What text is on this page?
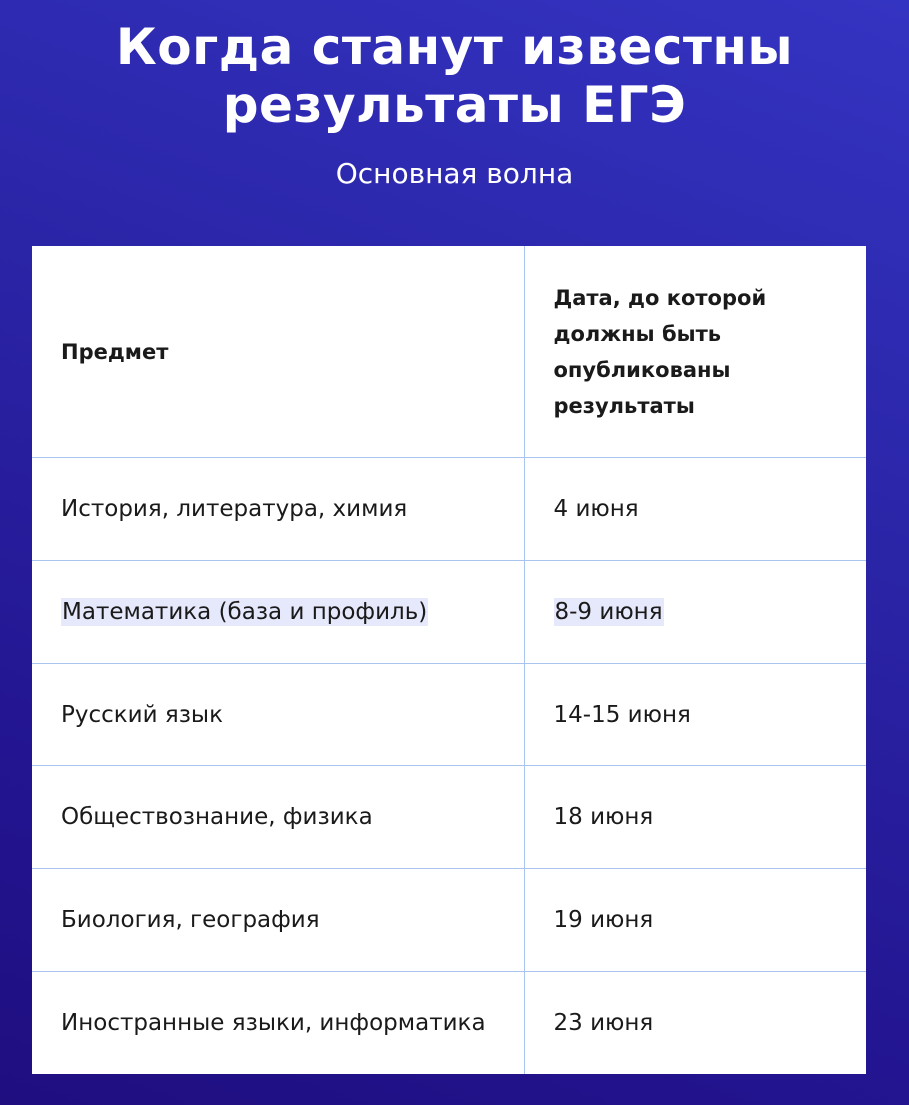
Когда станут известны
результаты ЕГЭ

Основная волна

Предмет	Дата, до которой должны быть опубликованы результаты
История, литература, химия	4 июня
Математика (база и профиль)	8-9 июня
Русский язык	14-15 июня
Обществознание, физика	18 июня
Биология, география	19 июня
Иностранные языки, информатика	23 июня
